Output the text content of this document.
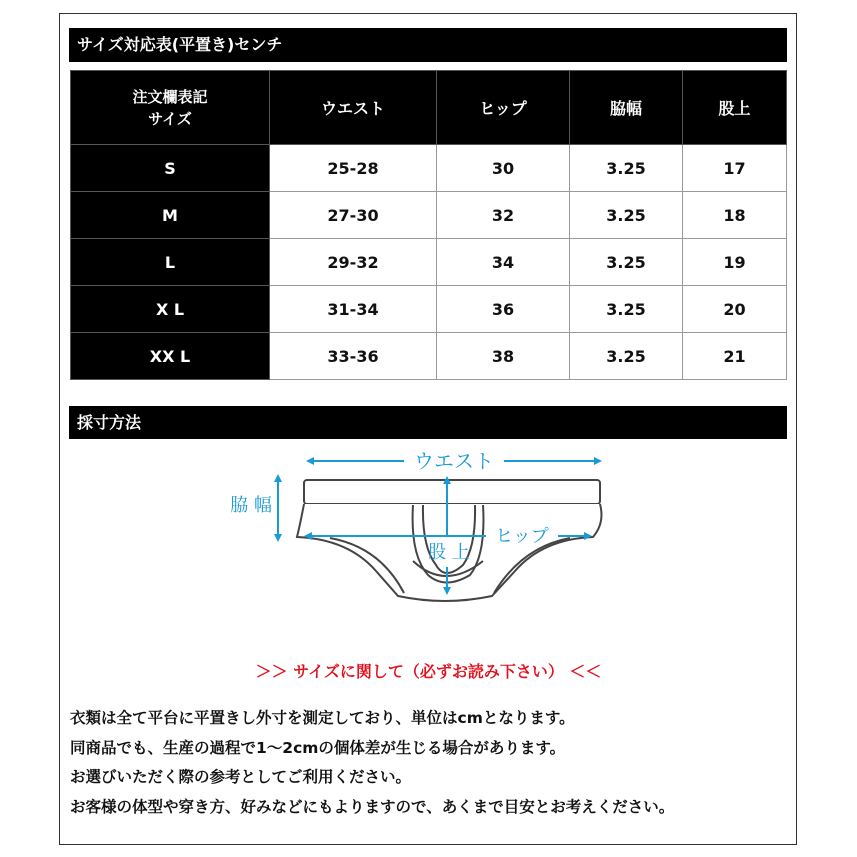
サイズ対応表(平置き)センチ
注文欄表記
サイズ	ウエスト	ヒップ	脇幅	股上
S	25-28	30	3.25	17
M	27-30	32	3.25	18
L	29-32	34	3.25	19
X L	31-34	36	3.25	20
XX L	33-36	38	3.25	21
採寸方法
ウエスト
脇 幅
ヒップ
股 上
＞＞ サイズに関して（必ずお読み下さい） ＜＜
衣類は全て平台に平置きし外寸を測定しており、単位はcmとなります。
同商品でも、生産の過程で1～2cmの個体差が生じる場合があります。
お選びいただく際の参考としてご利用ください。
お客様の体型や穿き方、好みなどにもよりますので、あくまで目安とお考えください。
